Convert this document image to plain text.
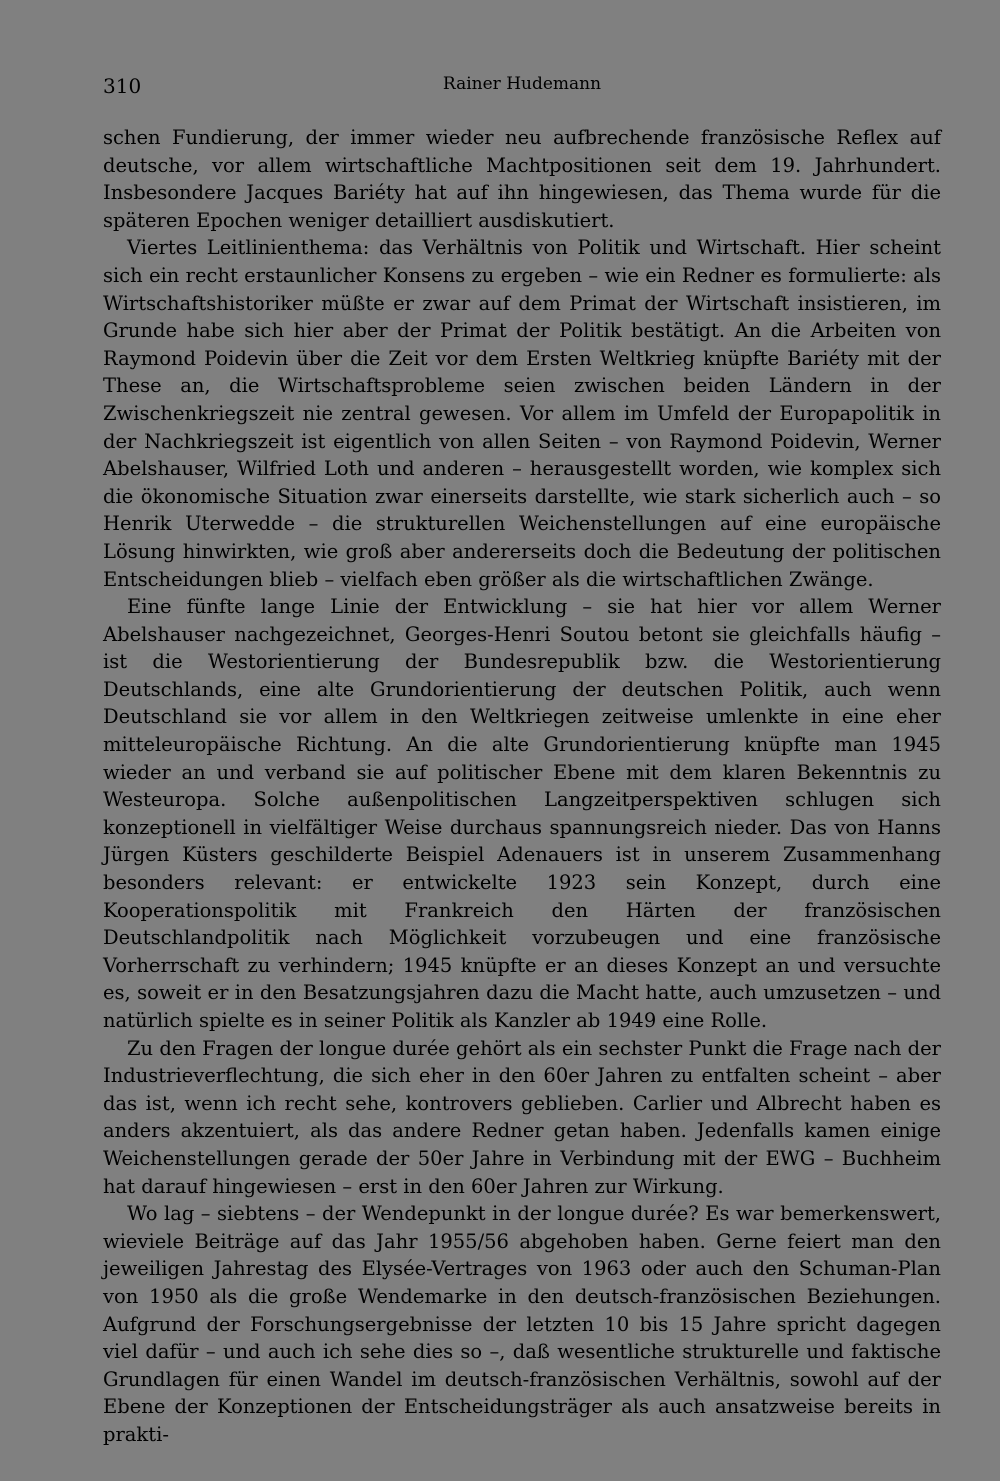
310	Rainer Hudemann

schen Fundierung, der immer wieder neu aufbrechende französische Reflex auf deutsche, vor allem wirtschaftliche Machtpositionen seit dem 19. Jahrhundert. Insbesondere Jacques Bariéty hat auf ihn hingewiesen, das Thema wurde für die späteren Epochen weniger detailliert ausdiskutiert.

Viertes Leitlinienthema: das Verhältnis von Politik und Wirtschaft. Hier scheint sich ein recht erstaunlicher Konsens zu ergeben – wie ein Redner es formulierte: als Wirtschaftshistoriker müßte er zwar auf dem Primat der Wirtschaft insistieren, im Grunde habe sich hier aber der Primat der Politik bestätigt. An die Arbeiten von Raymond Poidevin über die Zeit vor dem Ersten Weltkrieg knüpfte Bariéty mit der These an, die Wirtschaftsprobleme seien zwischen beiden Ländern in der Zwischenkriegszeit nie zentral gewesen. Vor allem im Umfeld der Europapolitik in der Nachkriegszeit ist eigentlich von allen Seiten – von Raymond Poidevin, Werner Abelshauser, Wilfried Loth und anderen – herausgestellt worden, wie komplex sich die ökonomische Situation zwar einerseits darstellte, wie stark sicherlich auch – so Henrik Uterwedde – die strukturellen Weichenstellungen auf eine europäische Lösung hinwirkten, wie groß aber andererseits doch die Bedeutung der politischen Entscheidungen blieb – vielfach eben größer als die wirtschaftlichen Zwänge.

Eine fünfte lange Linie der Entwicklung – sie hat hier vor allem Werner Abelshauser nachgezeichnet, Georges-Henri Soutou betont sie gleichfalls häufig – ist die Westorientierung der Bundesrepublik bzw. die Westorientierung Deutschlands, eine alte Grundorientierung der deutschen Politik, auch wenn Deutschland sie vor allem in den Weltkriegen zeitweise umlenkte in eine eher mitteleuropäische Richtung. An die alte Grundorientierung knüpfte man 1945 wieder an und verband sie auf politischer Ebene mit dem klaren Bekenntnis zu Westeuropa. Solche außenpolitischen Langzeitperspektiven schlugen sich konzeptionell in vielfältiger Weise durchaus spannungsreich nieder. Das von Hanns Jürgen Küsters geschilderte Beispiel Adenauers ist in unserem Zusammenhang besonders relevant: er entwickelte 1923 sein Konzept, durch eine Kooperationspolitik mit Frankreich den Härten der französischen Deutschlandpolitik nach Möglichkeit vorzubeugen und eine französische Vorherrschaft zu verhindern; 1945 knüpfte er an dieses Konzept an und versuchte es, soweit er in den Besatzungsjahren dazu die Macht hatte, auch umzusetzen – und natürlich spielte es in seiner Politik als Kanzler ab 1949 eine Rolle.

Zu den Fragen der longue durée gehört als ein sechster Punkt die Frage nach der Industrieverflechtung, die sich eher in den 60er Jahren zu entfalten scheint – aber das ist, wenn ich recht sehe, kontrovers geblieben. Carlier und Albrecht haben es anders akzentuiert, als das andere Redner getan haben. Jedenfalls kamen einige Weichenstellungen gerade der 50er Jahre in Verbindung mit der EWG – Buchheim hat darauf hingewiesen – erst in den 60er Jahren zur Wirkung.

Wo lag – siebtens – der Wendepunkt in der longue durée? Es war bemerkenswert, wieviele Beiträge auf das Jahr 1955/56 abgehoben haben. Gerne feiert man den jeweiligen Jahrestag des Elysée-Vertrages von 1963 oder auch den Schuman-Plan von 1950 als die große Wendemarke in den deutsch-französischen Beziehungen. Aufgrund der Forschungsergebnisse der letzten 10 bis 15 Jahre spricht dagegen viel dafür – und auch ich sehe dies so –, daß wesentliche strukturelle und faktische Grundlagen für einen Wandel im deutsch-französischen Verhältnis, sowohl auf der Ebene der Konzeptionen der Entscheidungsträger als auch ansatzweise bereits in prakti-
